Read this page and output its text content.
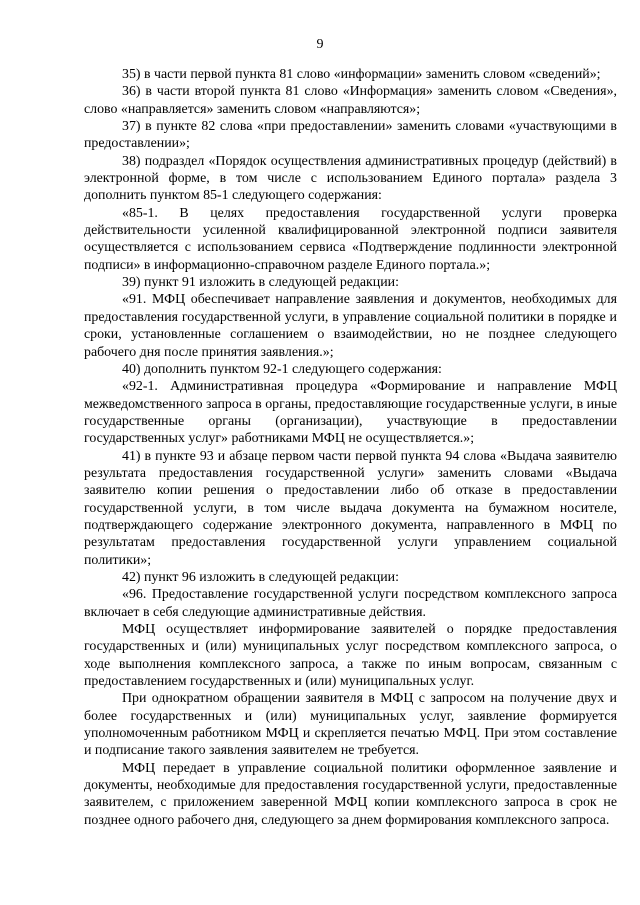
9

35) в части первой пункта 81 слово «информации» заменить словом «сведений»;

36) в части второй пункта 81 слово «Информация» заменить словом «Сведения», слово «направляется» заменить словом «направляются»;

37) в пункте 82 слова «при предоставлении» заменить словами «участвующими в предоставлении»;

38) подраздел «Порядок осуществления административных процедур (действий) в электронной форме, в том числе с использованием Единого портала» раздела 3 дополнить пунктом 85-1 следующего содержания:

«85-1. В целях предоставления государственной услуги проверка действительности усиленной квалифицированной электронной подписи заявителя осуществляется с использованием сервиса «Подтверждение подлинности электронной подписи» в информационно-справочном разделе Единого портала.»;

39) пункт 91 изложить в следующей редакции:

«91. МФЦ обеспечивает направление заявления и документов, необходимых для предоставления государственной услуги, в управление социальной политики в порядке и сроки, установленные соглашением о взаимодействии, но не позднее следующего рабочего дня после принятия заявления.»;

40) дополнить пунктом 92-1 следующего содержания:

«92-1. Административная процедура «Формирование и направление МФЦ межведомственного запроса в органы, предоставляющие государственные услуги, в иные государственные органы (организации), участвующие в предоставлении государственных услуг» работниками МФЦ не осуществляется.»;

41) в пункте 93 и абзаце первом части первой пункта 94 слова «Выдача заявителю результата предоставления государственной услуги» заменить словами «Выдача заявителю копии решения о предоставлении либо об отказе в предоставлении государственной услуги, в том числе выдача документа на бумажном носителе, подтверждающего содержание электронного документа, направленного в МФЦ по результатам предоставления государственной услуги управлением социальной политики»;

42) пункт 96 изложить в следующей редакции:

«96. Предоставление государственной услуги посредством комплексного запроса включает в себя следующие административные действия.

МФЦ осуществляет информирование заявителей о порядке предоставления государственных и (или) муниципальных услуг посредством комплексного запроса, о ходе выполнения комплексного запроса, а также по иным вопросам, связанным с предоставлением государственных и (или) муниципальных услуг.

При однократном обращении заявителя в МФЦ с запросом на получение двух и более государственных и (или) муниципальных услуг, заявление формируется уполномоченным работником МФЦ и скрепляется печатью МФЦ. При этом составление и подписание такого заявления заявителем не требуется.

МФЦ передает в управление социальной политики оформленное заявление и документы, необходимые для предоставления государственной услуги, предоставленные заявителем, с приложением заверенной МФЦ копии комплексного запроса в срок не позднее одного рабочего дня, следующего за днем формирования комплексного запроса.
